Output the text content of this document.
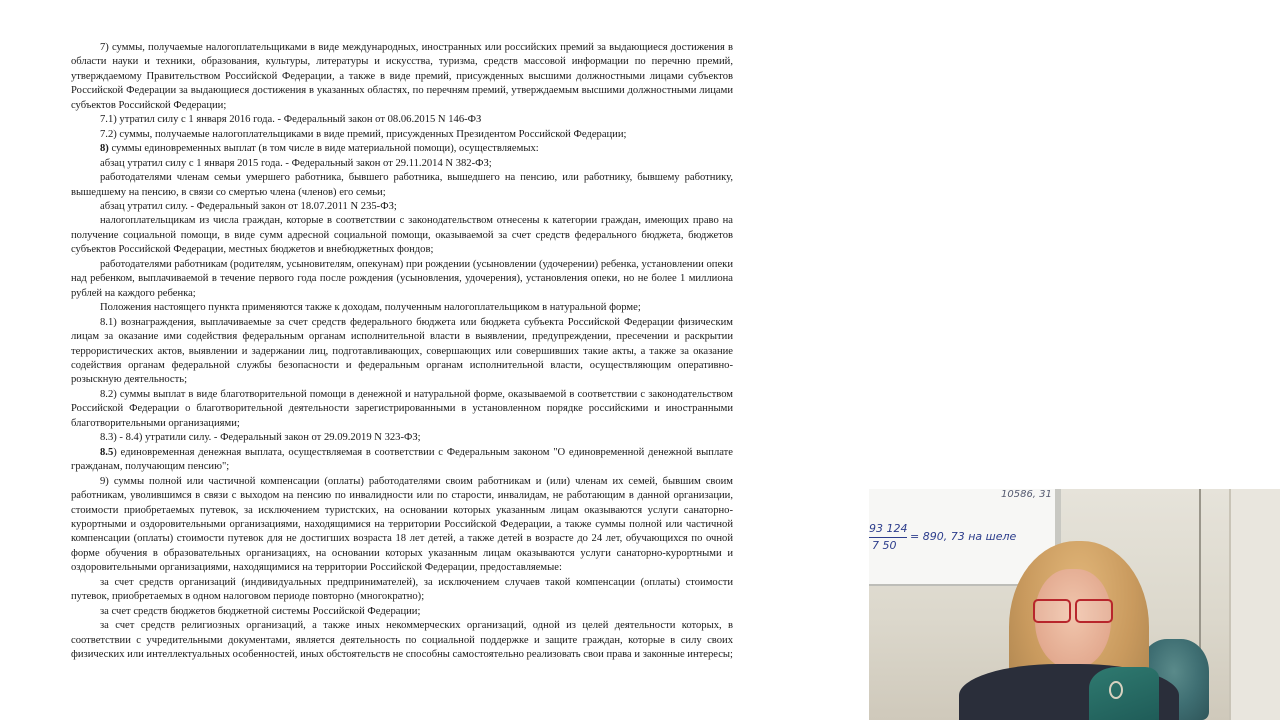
7) суммы, получаемые налогоплательщиками в виде международных, иностранных или российских премий за выдающиеся достижения в области науки и техники, образования, культуры, литературы и искусства, туризма, средств массовой информации по перечню премий, утверждаемому Правительством Российской Федерации, а также в виде премий, присужденных высшими должностными лицами субъектов Российской Федерации за выдающиеся достижения в указанных областях, по перечням премий, утверждаемым высшими должностными лицами субъектов Российской Федерации;

7.1) утратил силу с 1 января 2016 года. - Федеральный закон от 08.06.2015 N 146-ФЗ

7.2) суммы, получаемые налогоплательщиками в виде премий, присужденных Президентом Российской Федерации;

8) суммы единовременных выплат (в том числе в виде материальной помощи), осуществляемых:

абзац утратил силу с 1 января 2015 года. - Федеральный закон от 29.11.2014 N 382-ФЗ;

работодателями членам семьи умершего работника, бывшего работника, вышедшего на пенсию, или работнику, бывшему работнику, вышедшему на пенсию, в связи со смертью члена (членов) его семьи;

абзац утратил силу. - Федеральный закон от 18.07.2011 N 235-ФЗ;

налогоплательщикам из числа граждан, которые в соответствии с законодательством отнесены к категории граждан, имеющих право на получение социальной помощи, в виде сумм адресной социальной помощи, оказываемой за счет средств федерального бюджета, бюджетов субъектов Российской Федерации, местных бюджетов и внебюджетных фондов;

работодателями работникам (родителям, усыновителям, опекунам) при рождении (усыновлении (удочерении) ребенка, установлении опеки над ребенком, выплачиваемой в течение первого года после рождения (усыновления, удочерения), установления опеки, но не более 1 миллиона рублей на каждого ребенка;

Положения настоящего пункта применяются также к доходам, полученным налогоплательщиком в натуральной форме;

8.1) вознаграждения, выплачиваемые за счет средств федерального бюджета или бюджета субъекта Российской Федерации физическим лицам за оказание ими содействия федеральным органам исполнительной власти в выявлении, предупреждении, пресечении и раскрытии террористических актов, выявлении и задержании лиц, подготавливающих, совершающих или совершивших такие акты, а также за оказание содействия органам федеральной службы безопасности и федеральным органам исполнительной власти, осуществляющим оперативно-розыскную деятельность;

8.2) суммы выплат в виде благотворительной помощи в денежной и натуральной форме, оказываемой в соответствии с законодательством Российской Федерации о благотворительной деятельности зарегистрированными в установленном порядке российскими и иностранными благотворительными организациями;

8.3) - 8.4) утратили силу. - Федеральный закон от 29.09.2019 N 323-ФЗ;

8.5) единовременная денежная выплата, осуществляемая в соответствии с Федеральным законом "О единовременной денежной выплате гражданам, получающим пенсию";

9) суммы полной или частичной компенсации (оплаты) работодателями своим работникам и (или) членам их семей, бывшим своим работникам, уволившимся в связи с выходом на пенсию по инвалидности или по старости, инвалидам, не работающим в данной организации, стоимости приобретаемых путевок, за исключением туристских, на основании которых указанным лицам оказываются услуги санаторно-курортными и оздоровительными организациями, находящимися на территории Российской Федерации, а также суммы полной или частичной компенсации (оплаты) стоимости путевок для не достигших возраста 18 лет детей, а также детей в возрасте до 24 лет, обучающихся по очной форме обучения в образовательных организациях, на основании которых указанным лицам оказываются услуги санаторно-курортными и оздоровительными организациями, находящимися на территории Российской Федерации, предоставляемые:

за счет средств организаций (индивидуальных предпринимателей), за исключением случаев такой компенсации (оплаты) стоимости путевок, приобретаемых в одном налоговом периоде повторно (многократно);

за счет средств бюджетов бюджетной системы Российской Федерации;

за счет средств религиозных организаций, а также иных некоммерческих организаций, одной из целей деятельности которых, в соответствии с учредительными документами, является деятельность по социальной поддержке и защите граждан, которые в силу своих физических или интеллектуальных особенностей, иных обстоятельств не способны самостоятельно реализовать свои права и законные интересы;

10586, 31
93 124
7 50
= 890, 73 на шеле
